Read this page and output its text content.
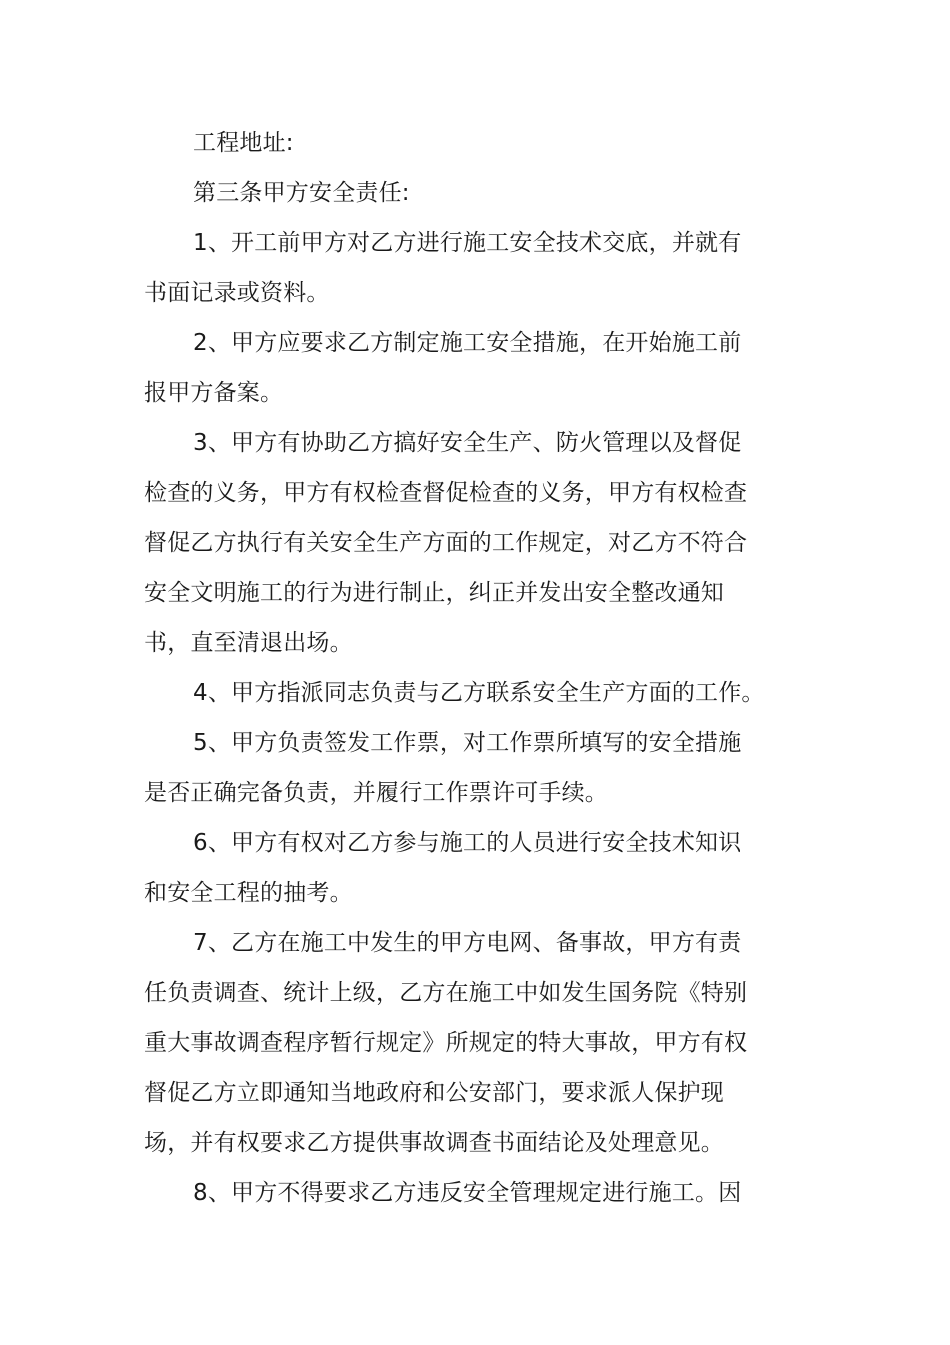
工程地址:

第三条甲方安全责任:

1、开工前甲方对乙方进行施工安全技术交底，并就有

书面记录或资料。

2、甲方应要求乙方制定施工安全措施，在开始施工前

报甲方备案。

3、甲方有协助乙方搞好安全生产、防火管理以及督促

检查的义务，甲方有权检查督促检查的义务，甲方有权检查

督促乙方执行有关安全生产方面的工作规定，对乙方不符合

安全文明施工的行为进行制止，纠正并发出安全整改通知

书，直至清退出场。

4、甲方指派同志负责与乙方联系安全生产方面的工作。

5、甲方负责签发工作票，对工作票所填写的安全措施

是否正确完备负责，并履行工作票许可手续。

6、甲方有权对乙方参与施工的人员进行安全技术知识

和安全工程的抽考。

7、乙方在施工中发生的甲方电网、备事故，甲方有责

任负责调查、统计上级，乙方在施工中如发生国务院《特别

重大事故调查程序暂行规定》所规定的特大事故，甲方有权

督促乙方立即通知当地政府和公安部门，要求派人保护现

场，并有权要求乙方提供事故调查书面结论及处理意见。

8、甲方不得要求乙方违反安全管理规定进行施工。因
